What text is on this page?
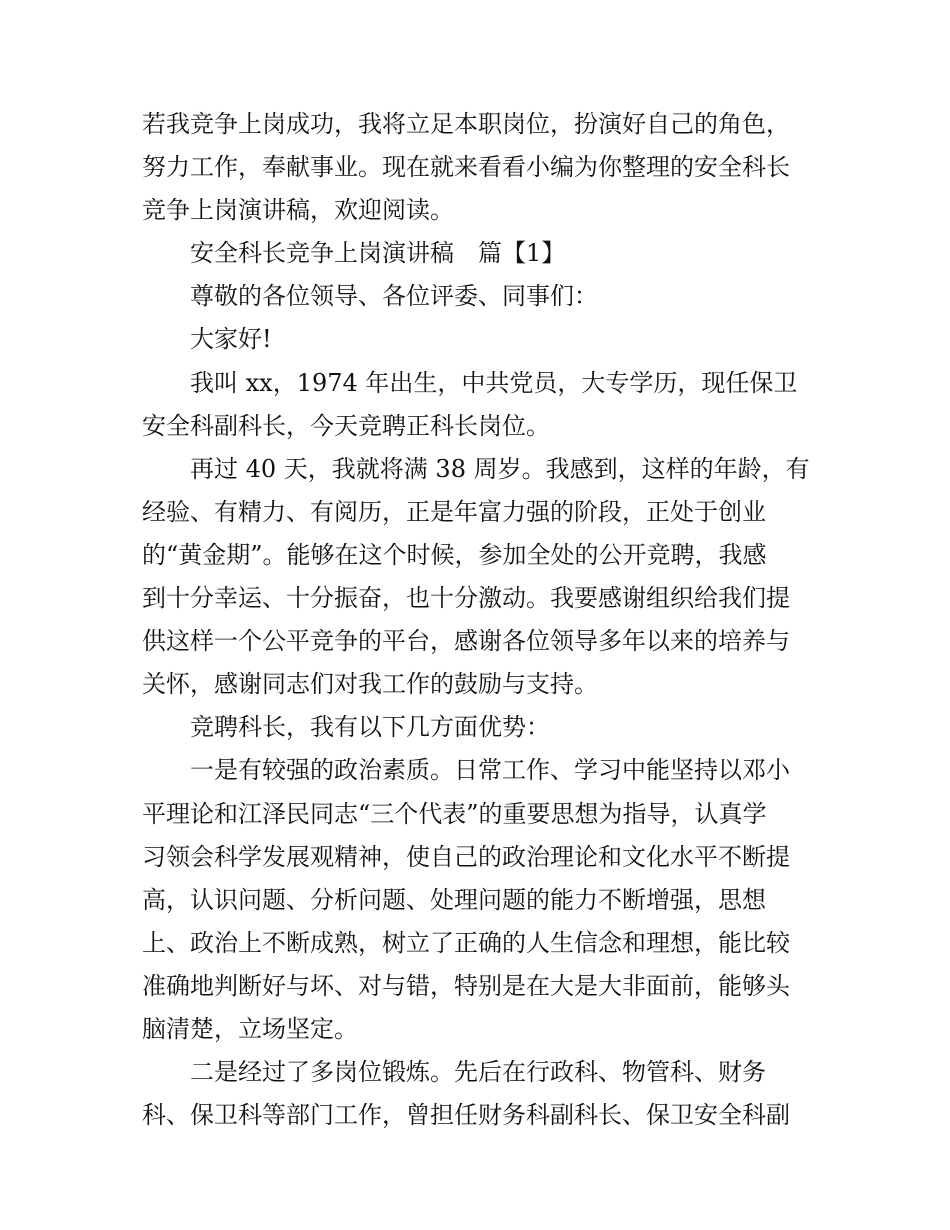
若我竞争上岗成功，我将立足本职岗位，扮演好自己的角色，
努力工作，奉献事业。现在就来看看小编为你整理的安全科长
竞争上岗演讲稿，欢迎阅读。
安全科长竞争上岗演讲稿　篇【1】
尊敬的各位领导、各位评委、同事们：
大家好!
我叫 xx，1974 年出生，中共党员，大专学历，现任保卫
安全科副科长，今天竞聘正科长岗位。
再过 40 天，我就将满 38 周岁。我感到，这样的年龄，有
经验、有精力、有阅历，正是年富力强的阶段，正处于创业
的“黄金期”。能够在这个时候，参加全处的公开竞聘，我感
到十分幸运、十分振奋，也十分激动。我要感谢组织给我们提
供这样一个公平竞争的平台，感谢各位领导多年以来的培养与
关怀，感谢同志们对我工作的鼓励与支持。
竞聘科长，我有以下几方面优势：
一是有较强的政治素质。日常工作、学习中能坚持以邓小
平理论和江泽民同志“三个代表”的重要思想为指导，认真学
习领会科学发展观精神，使自己的政治理论和文化水平不断提
高，认识问题、分析问题、处理问题的能力不断增强，思想
上、政治上不断成熟，树立了正确的人生信念和理想，能比较
准确地判断好与坏、对与错，特别是在大是大非面前，能够头
脑清楚，立场坚定。
二是经过了多岗位锻炼。先后在行政科、物管科、财务
科、保卫科等部门工作，曾担任财务科副科长、保卫安全科副
